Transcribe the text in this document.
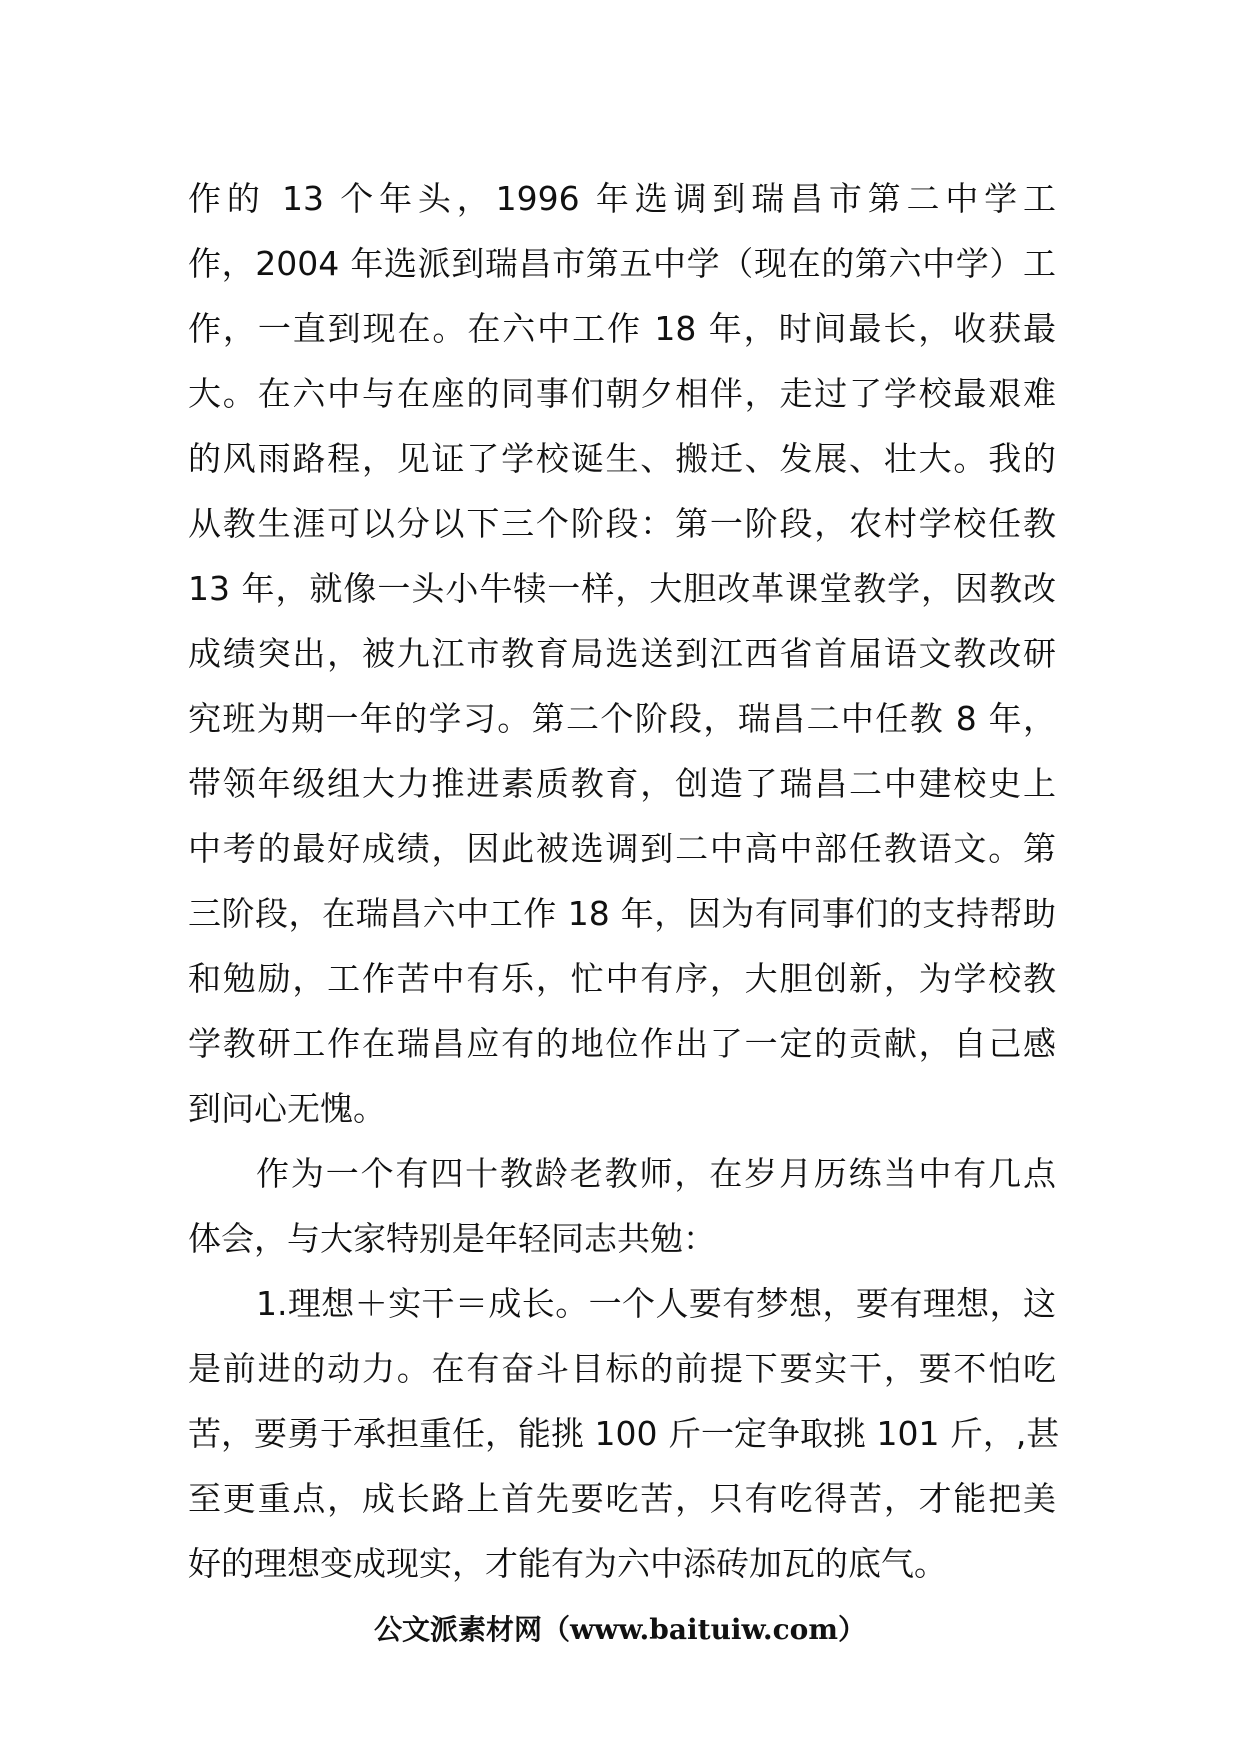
作的 13 个年头，1996 年选调到瑞昌市第二中学工
作，2004 年选派到瑞昌市第五中学（现在的第六中学）工
作，一直到现在。在六中工作 18 年，时间最长，收获最
大。在六中与在座的同事们朝夕相伴，走过了学校最艰难
的风雨路程，见证了学校诞生、搬迁、发展、壮大。我的
从教生涯可以分以下三个阶段：第一阶段，农村学校任教
13 年，就像一头小牛犊一样，大胆改革课堂教学，因教改
成绩突出，被九江市教育局选送到江西省首届语文教改研
究班为期一年的学习。第二个阶段，瑞昌二中任教 8 年，
带领年级组大力推进素质教育，创造了瑞昌二中建校史上
中考的最好成绩，因此被选调到二中高中部任教语文。第
三阶段，在瑞昌六中工作 18 年，因为有同事们的支持帮助
和勉励，工作苦中有乐，忙中有序，大胆创新，为学校教
学教研工作在瑞昌应有的地位作出了一定的贡献，自己感
到问心无愧。
作为一个有四十教龄老教师，在岁月历练当中有几点
体会，与大家特别是年轻同志共勉：
1.理想＋实干＝成长。一个人要有梦想，要有理想，这
是前进的动力。在有奋斗目标的前提下要实干，要不怕吃
苦，要勇于承担重任，能挑 100 斤一定争取挑 101 斤，,甚
至更重点，成长路上首先要吃苦，只有吃得苦，才能把美
好的理想变成现实，才能有为六中添砖加瓦的底气。
公文派素材网（www.baituiw.com）
